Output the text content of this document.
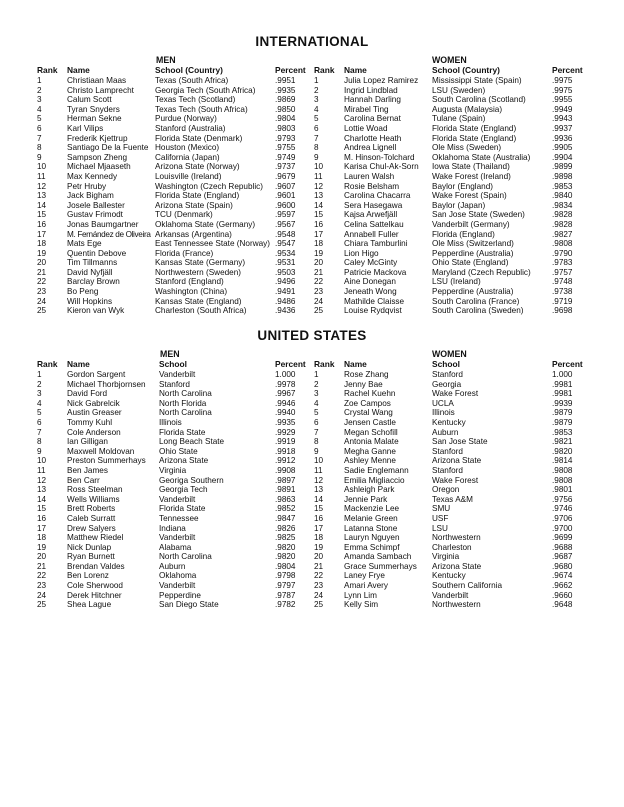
INTERNATIONAL
MEN	WOMEN
Rank	Name	School (Country)	Percent
1	Christiaan Maas	Texas (South Africa)	.9951
2	Christo Lamprecht	Georgia Tech (South Africa)	.9935
3	Calum Scott	Texas Tech (Scotland)	.9869
4	Tyran Snyders	Texas Tech (South Africa)	.9850
5	Herman Sekne	Purdue (Norway)	.9804
6	Karl Vilips	Stanford (Australia)	.9803
7	Frederik Kjettrup	Florida State (Denmark)	.9793
8	Santiago De la Fuente	Houston (Mexico)	.9755
9	Sampson Zheng	California (Japan)	.9749
10	Michael Mjaaseth	Arizona State (Norway)	.9737
11	Max Kennedy	Louisville (Ireland)	.9679
12	Petr Hruby	Washington (Czech Republic)	.9607
13	Jack Bigham	Florida State (England)	.9601
14	Josele Ballester	Arizona State (Spain)	.9600
15	Gustav Frimodt	TCU (Denmark)	.9597
16	Jonas Baumgartner	Oklahoma State (Germany)	.9567
17	M. Fernández de Oliveira	Arkansas (Argentina)	.9548
18	Mats Ege	East Tennessee State (Norway)	.9547
19	Quentin Debove	Florida (France)	.9534
20	Tim Tillmanns	Kansas State (Germany)	.9531
21	David Nyfjäll	Northwestern (Sweden)	.9503
22	Barclay Brown	Stanford (England)	.9496
23	Bo Peng	Washington (China)	.9491
24	Will Hopkins	Kansas State (England)	.9486
25	Kieron van Wyk	Charleston (South Africa)	.9436
Rank	Name	School (Country)	Percent
1	Julia Lopez Ramirez	Mississippi State (Spain)	.9975
2	Ingrid Lindblad	LSU (Sweden)	.9975
3	Hannah Darling	South Carolina (Scotland)	.9955
4	Mirabel Ting	Augusta (Malaysia)	.9949
5	Carolina Bernat	Tulane (Spain)	.9943
6	Lottie Woad	Florida State (England)	.9937
7	Charlotte Heath	Florida State (England)	.9936
8	Andrea Lignell	Ole Miss (Sweden)	.9905
9	M. Hinson-Tolchard	Oklahoma State (Australia)	.9904
10	Karisa Chul-Ak-Sorn	Iowa State (Thailand)	.9899
11	Lauren Walsh	Wake Forest (Ireland)	.9898
12	Rosie Belsham	Baylor (England)	.9853
13	Carolina Chacarra	Wake Forest (Spain)	.9840
14	Sera Hasegawa	Baylor (Japan)	.9834
15	Kajsa Arwefjäll	San Jose State (Sweden)	.9828
16	Celina Sattelkau	Vanderbilt (Germany)	.9828
17	Annabell Fuller	Florida (England)	.9827
18	Chiara Tamburlini	Ole Miss (Switzerland)	.9808
19	Lion Higo	Pepperdine (Australia)	.9790
20	Caley McGinty	Ohio State (England)	.9783
21	Patricie Mackova	Maryland (Czech Republic)	.9757
22	Aine Donegan	LSU (Ireland)	.9748
23	Jeneath Wong	Pepperdine (Australia)	.9738
24	Mathilde Claisse	South Carolina (France)	.9719
25	Louise Rydqvist	South Carolina (Sweden)	.9698
UNITED STATES
MEN	WOMEN
Rank	Name	School	Percent
1	Gordon Sargent	Vanderbilt	1.000
2	Michael Thorbjornsen	Stanford	.9978
3	David Ford	North Carolina	.9967
4	Nick Gabrelcik	North Florida	.9946
5	Austin Greaser	North Carolina	.9940
6	Tommy Kuhl	Illinois	.9935
7	Cole Anderson	Florida State	.9929
8	Ian Gilligan	Long Beach State	.9919
9	Maxwell Moldovan	Ohio State	.9918
10	Preston Summerhays	Arizona State	.9912
11	Ben James	Virginia	.9908
12	Ben Carr	Georiga Southern	.9897
13	Ross Steelman	Georgia Tech	.9891
14	Wells Williams	Vanderbilt	.9863
15	Brett Roberts	Florida State	.9852
16	Caleb Surratt	Tennessee	.9847
17	Drew Salyers	Indiana	.9826
18	Matthew Riedel	Vanderbilt	.9825
19	Nick Dunlap	Alabama	.9820
20	Ryan Burnett	North Carolina	.9820
21	Brendan Valdes	Auburn	.9804
22	Ben Lorenz	Oklahoma	.9798
23	Cole Sherwood	Vanderbilt	.9797
24	Derek Hitchner	Pepperdine	.9787
25	Shea Lague	San Diego State	.9782
Rank	Name	School	Percent
1	Rose Zhang	Stanford	1.000
2	Jenny Bae	Georgia	.9981
3	Rachel Kuehn	Wake Forest	.9981
4	Zoe Campos	UCLA	.9939
5	Crystal Wang	Illinois	.9879
6	Jensen Castle	Kentucky	.9879
7	Megan Schofill	Auburn	.9853
8	Antonia Malate	San Jose State	.9821
9	Megha Ganne	Stanford	.9820
10	Ashley Menne	Arizona State	.9814
11	Sadie Englemann	Stanford	.9808
12	Emilia Migliaccio	Wake Forest	.9808
13	Ashleigh Park	Oregon	.9801
14	Jennie Park	Texas A&M	.9756
15	Mackenzie Lee	SMU	.9746
16	Melanie Green	USF	.9706
17	Latanna Stone	LSU	.9700
18	Lauryn Nguyen	Northwestern	.9699
19	Emma Schimpf	Charleston	.9688
20	Amanda Sambach	Virginia	.9687
21	Grace Summerhays	Arizona State	.9680
22	Laney Frye	Kentucky	.9674
23	Amari Avery	Southern California	.9662
24	Lynn Lim	Vanderbilt	.9660
25	Kelly Sim	Northwestern	.9648
